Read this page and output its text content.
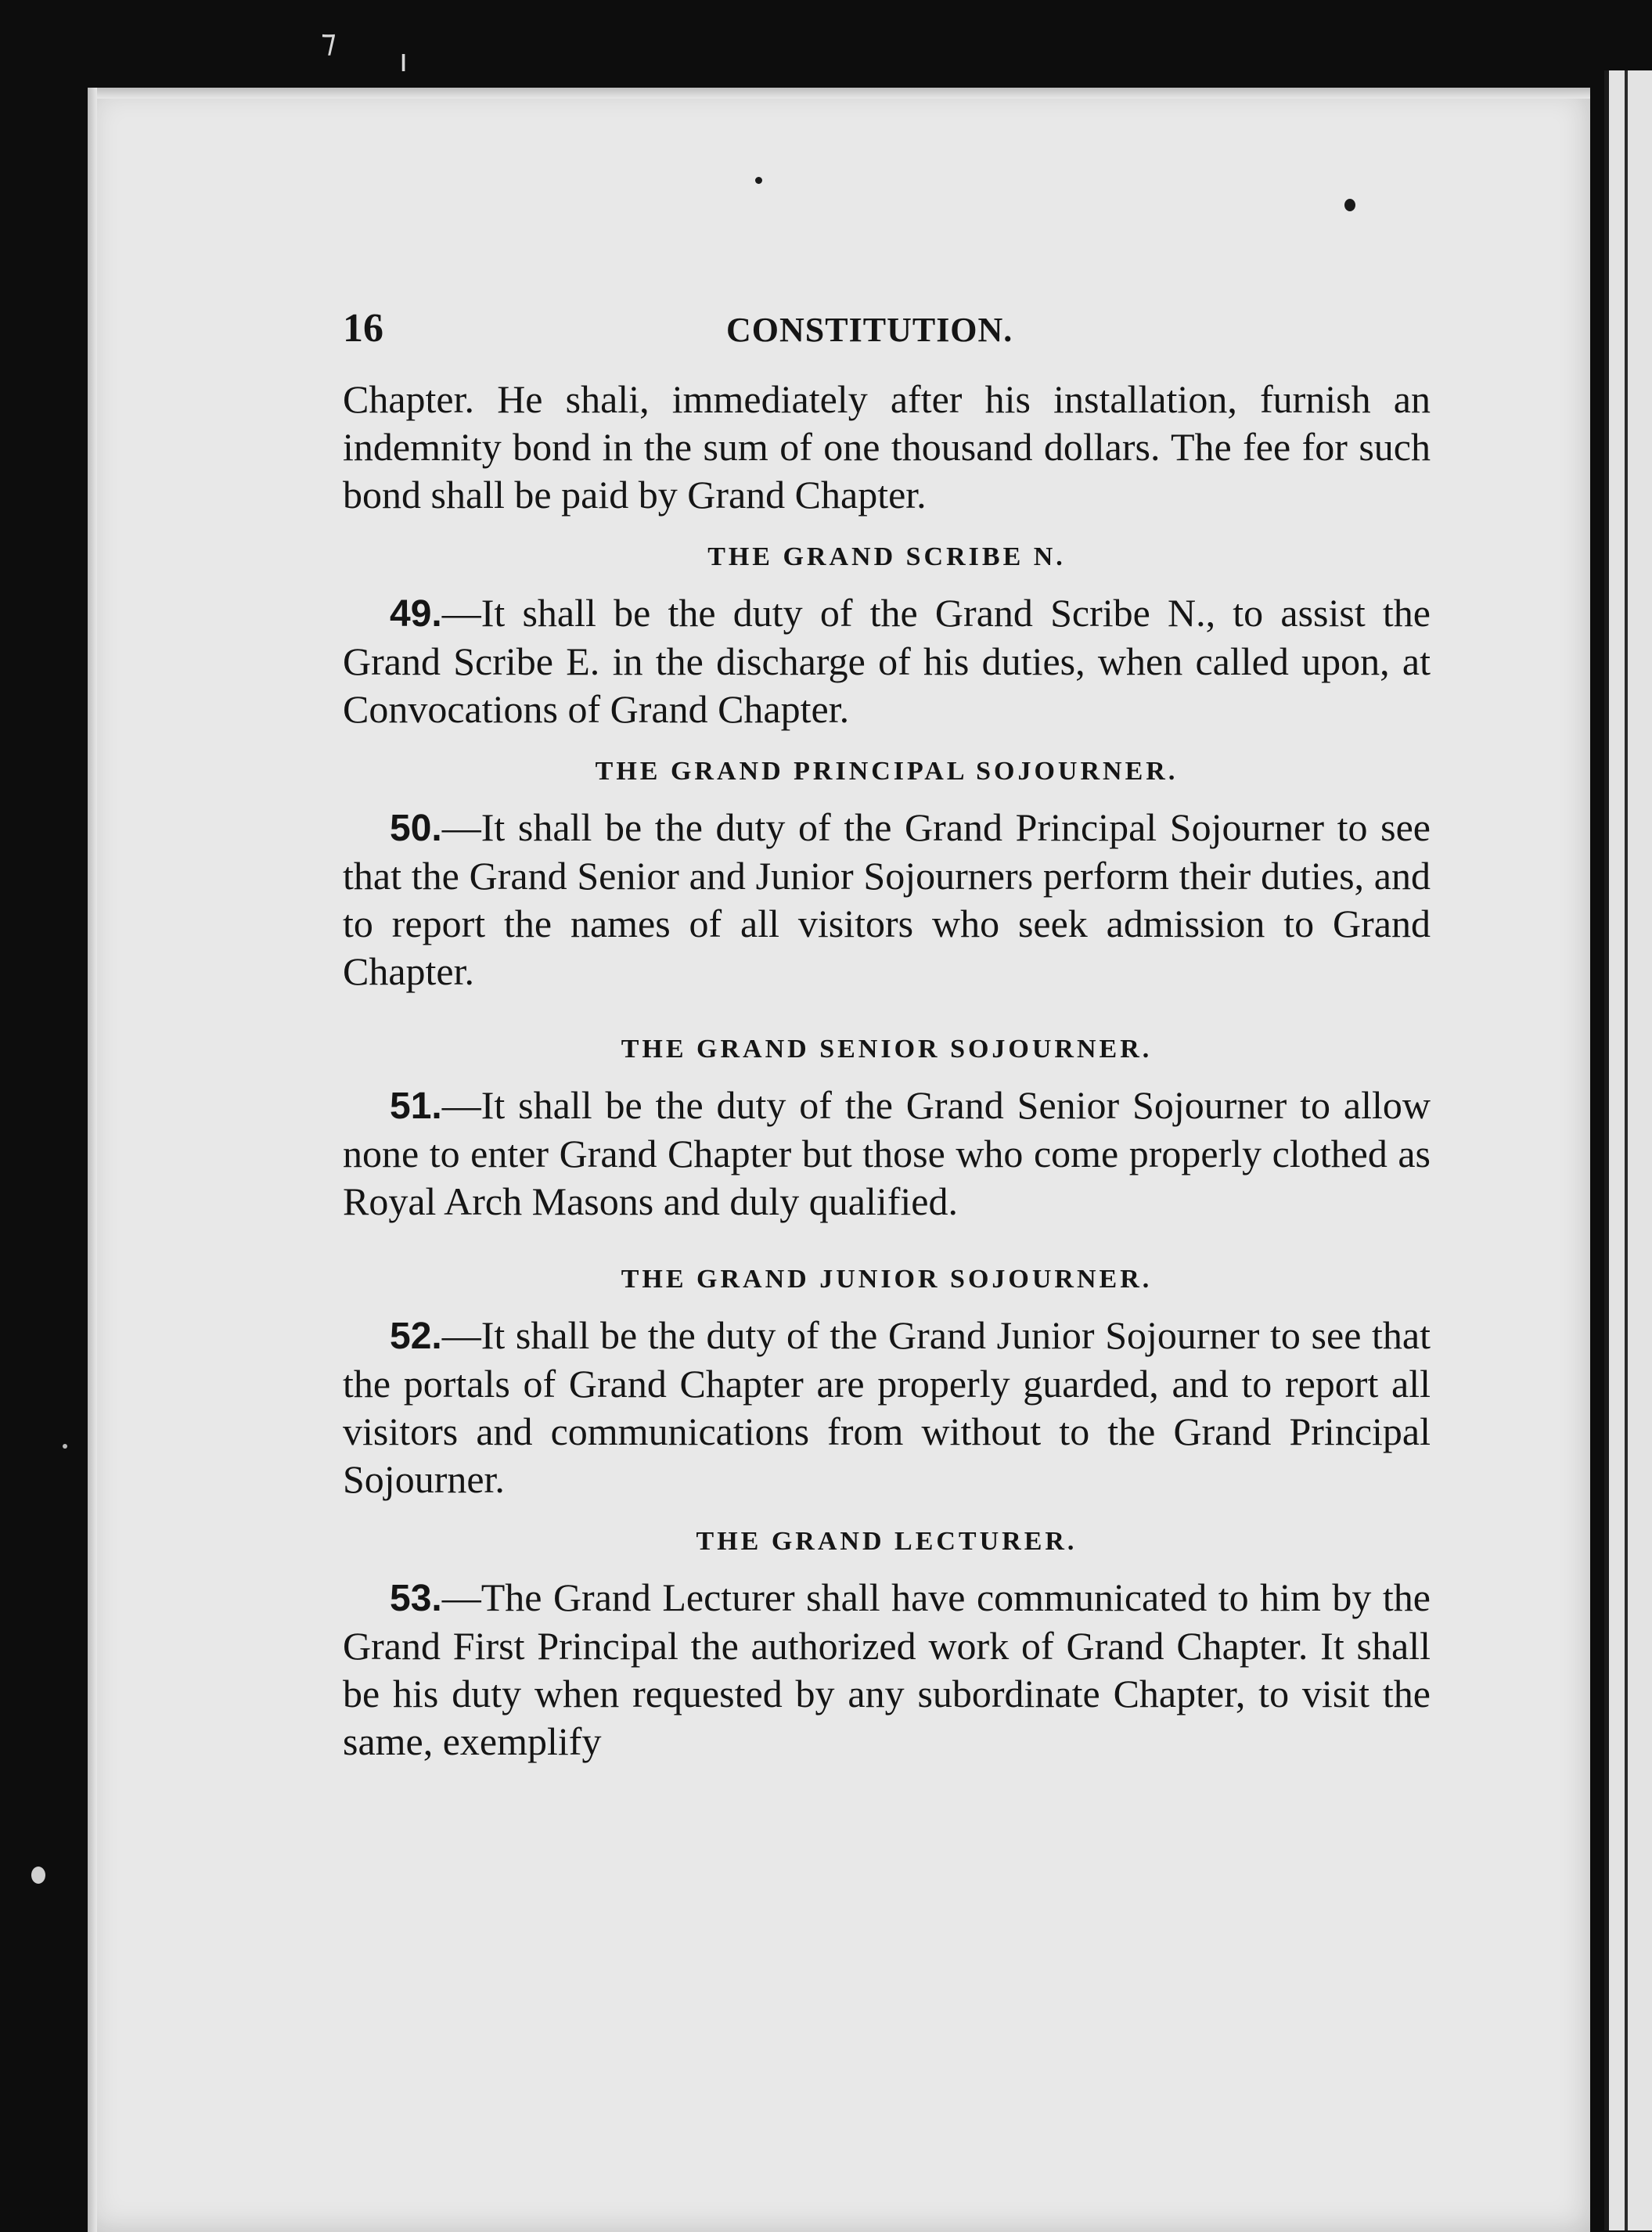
⁊
ı
16	CONSTITUTION.

Chapter. He shali, immediately after his installation, furnish an indemnity bond in the sum of one thousand dollars. The fee for such bond shall be paid by Grand Chapter.

THE GRAND SCRIBE N.

49.—It shall be the duty of the Grand Scribe N., to assist the Grand Scribe E. in the discharge of his duties, when called upon, at Convocations of Grand Chapter.

THE GRAND PRINCIPAL SOJOURNER.

50.—It shall be the duty of the Grand Principal Sojourner to see that the Grand Senior and Junior Sojourners perform their duties, and to report the names of all visitors who seek admission to Grand Chapter.

THE GRAND SENIOR SOJOURNER.

51.—It shall be the duty of the Grand Senior Sojourner to allow none to enter Grand Chapter but those who come properly clothed as Royal Arch Masons and duly qualified.

THE GRAND JUNIOR SOJOURNER.

52.—It shall be the duty of the Grand Junior Sojourner to see that the portals of Grand Chapter are properly guarded, and to report all visitors and communications from without to the Grand Principal Sojourner.

THE GRAND LECTURER.

53.—The Grand Lecturer shall have communicated to him by the Grand First Principal the authorized work of Grand Chapter. It shall be his duty when requested by any subordinate Chapter, to visit the same, exemplify
